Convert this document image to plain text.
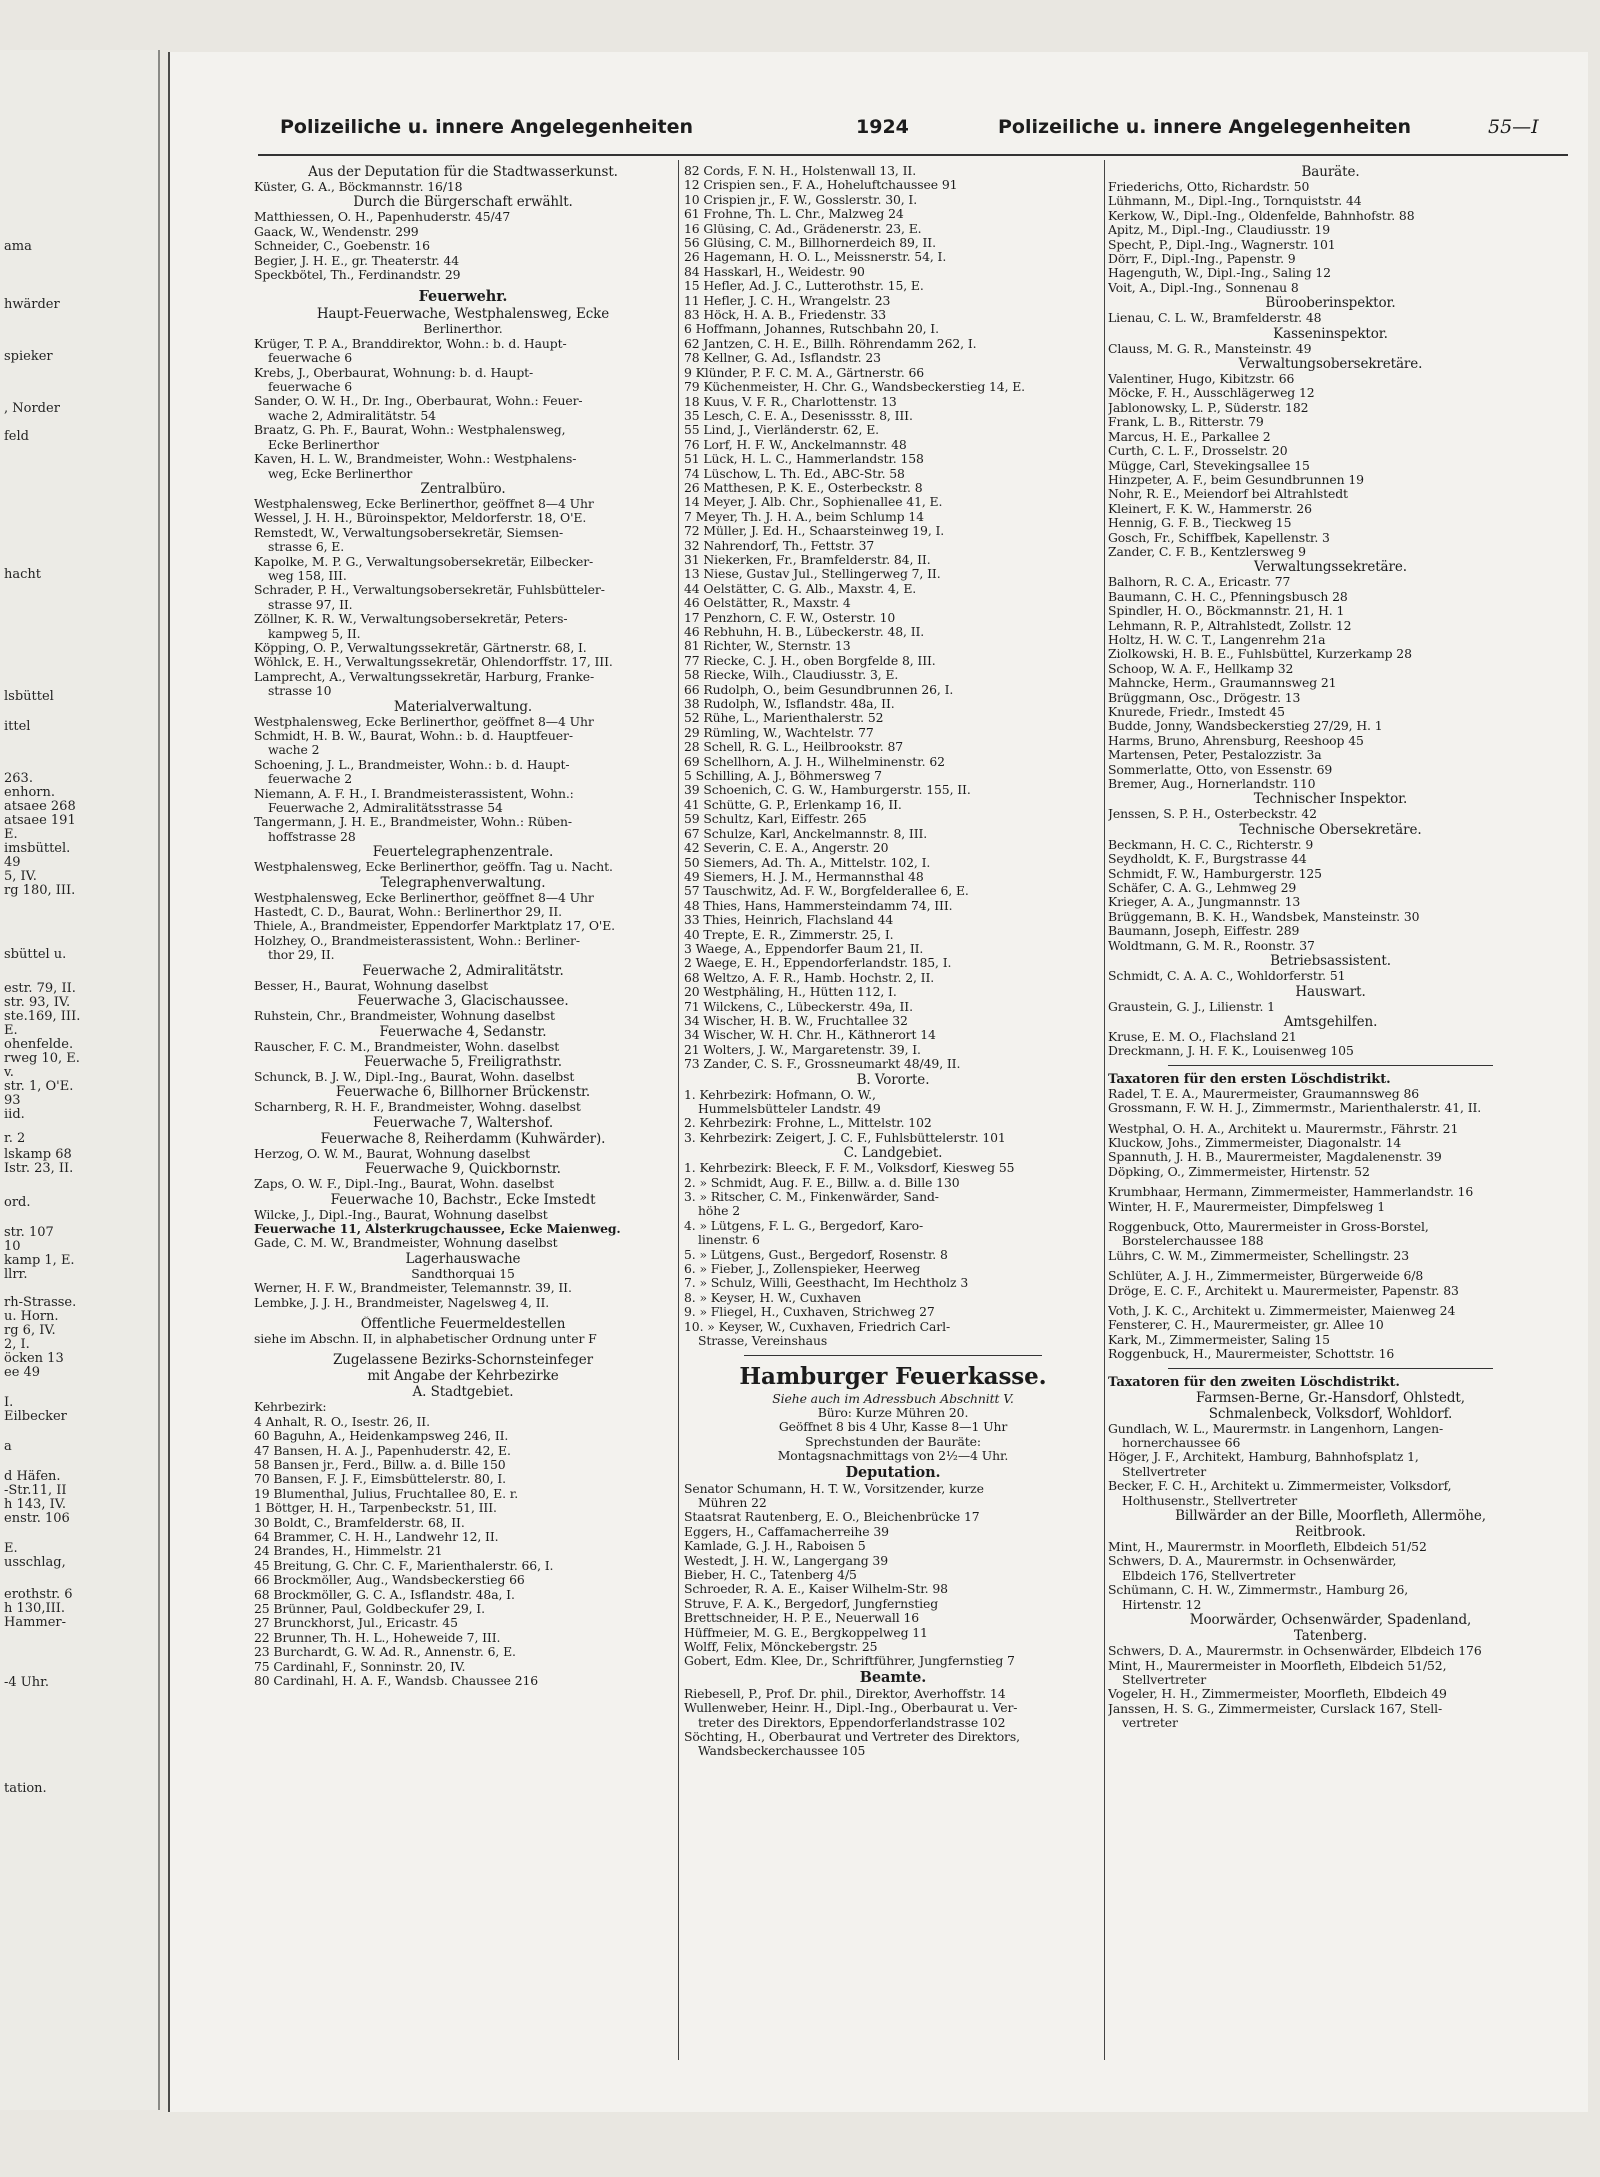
ama
hwärder
spieker
, Norder
feld
hacht
lsbüttel
ittel
263.
enhorn.
atsaee 268
atsaee 191
E.
imsbüttel.
49
5, IV.
rg 180, III.
sbüttel u.
estr. 79, II.
str. 93, IV.
ste.169, III.
E.
ohenfelde.
rweg 10, E.
v.
str. 1, O'E.
93
iid.
r. 2
lskamp 68
Istr. 23, II.
ord.
str. 107
10
kamp 1, E.
llrr.
rh-Strasse.
u. Horn.
rg 6, IV.
2, I.
öcken 13
ee 49
I.
Eilbecker
a
d Häfen.
-Str.11, II
h 143, IV.
enstr. 106
E.
usschlag,
erothstr. 6
h 130,III.
Hammer-
-4 Uhr.
tation.
Polizeiliche u. innere Angelegenheiten	1924	Polizeiliche u. innere Angelegenheiten	55—I
Aus der Deputation für die Stadtwasserkunst.
Küster, G. A., Böckmannstr. 16/18
Durch die Bürgerschaft erwählt.
Matthiessen, O. H., Papenhuderstr. 45/47
Gaack, W., Wendenstr. 299
Schneider, C., Goebenstr. 16
Begier, J. H. E., gr. Theaterstr. 44
Speckbötel, Th., Ferdinandstr. 29
Feuerwehr.
Haupt-Feuerwache, Westphalensweg, Ecke
Berlinerthor.
Krüger, T. P. A., Branddirektor, Wohn.: b. d. Haupt-
feuerwache 6
Krebs, J., Oberbaurat, Wohnung: b. d. Haupt-
feuerwache 6
Sander, O. W. H., Dr. Ing., Oberbaurat, Wohn.: Feuer-
wache 2, Admiralitätstr. 54
Braatz, G. Ph. F., Baurat, Wohn.: Westphalensweg,
Ecke Berlinerthor
Kaven, H. L. W., Brandmeister, Wohn.: Westphalens-
weg, Ecke Berlinerthor
Zentralbüro.
Westphalensweg, Ecke Berlinerthor, geöffnet 8—4 Uhr
Wessel, J. H. H., Büroinspektor, Meldorferstr. 18, O'E.
Remstedt, W., Verwaltungsobersekretär, Siemsen-
strasse 6, E.
Kapolke, M. P. G., Verwaltungsobersekretär, Eilbecker-
weg 158, III.
Schrader, P. H., Verwaltungsobersekretär, Fuhlsbütteler-
strasse 97, II.
Zöllner, K. R. W., Verwaltungsobersekretär, Peters-
kampweg 5, II.
Köpping, O. P., Verwaltungssekretär, Gärtnerstr. 68, I.
Wöhlck, E. H., Verwaltungssekretär, Ohlendorffstr. 17, III.
Lamprecht, A., Verwaltungssekretär, Harburg, Franke-
strasse 10
Materialverwaltung.
Westphalensweg, Ecke Berlinerthor, geöffnet 8—4 Uhr
Schmidt, H. B. W., Baurat, Wohn.: b. d. Hauptfeuer-
wache 2
Schoening, J. L., Brandmeister, Wohn.: b. d. Haupt-
feuerwache 2
Niemann, A. F. H., I. Brandmeisterassistent, Wohn.:
Feuerwache 2, Admiralitätsstrasse 54
Tangermann, J. H. E., Brandmeister, Wohn.: Rüben-
hoffstrasse 28
Feuertelegraphenzentrale.
Westphalensweg, Ecke Berlinerthor, geöffn. Tag u. Nacht.
Telegraphenverwaltung.
Westphalensweg, Ecke Berlinerthor, geöffnet 8—4 Uhr
Hastedt, C. D., Baurat, Wohn.: Berlinerthor 29, II.
Thiele, A., Brandmeister, Eppendorfer Marktplatz 17, O'E.
Holzhey, O., Brandmeisterassistent, Wohn.: Berliner-
thor 29, II.
Feuerwache 2, Admiralitätstr.
Besser, H., Baurat, Wohnung daselbst
Feuerwache 3, Glacischaussee.
Ruhstein, Chr., Brandmeister, Wohnung daselbst
Feuerwache 4, Sedanstr.
Rauscher, F. C. M., Brandmeister, Wohn. daselbst
Feuerwache 5, Freiligrathstr.
Schunck, B. J. W., Dipl.-Ing., Baurat, Wohn. daselbst
Feuerwache 6, Billhorner Brückenstr.
Scharnberg, R. H. F., Brandmeister, Wohng. daselbst
Feuerwache 7, Waltershof.
Feuerwache 8, Reiherdamm (Kuhwärder).
Herzog, O. W. M., Baurat, Wohnung daselbst
Feuerwache 9, Quickbornstr.
Zaps, O. W. F., Dipl.-Ing., Baurat, Wohn. daselbst
Feuerwache 10, Bachstr., Ecke Imstedt
Wilcke, J., Dipl.-Ing., Baurat, Wohnung daselbst
Feuerwache 11, Alsterkrugchaussee, Ecke Maienweg.
Gade, C. M. W., Brandmeister, Wohnung daselbst
Lagerhauswache
Sandthorquai 15
Werner, H. F. W., Brandmeister, Telemannstr. 39, II.
Lembke, J. J. H., Brandmeister, Nagelsweg 4, II.
Öffentliche Feuermeldestellen
siehe im Abschn. II, in alphabetischer Ordnung unter F
Zugelassene Bezirks-Schornsteinfeger
mit Angabe der Kehrbezirke
A. Stadtgebiet.
Kehrbezirk:
4 Anhalt, R. O., Isestr. 26, II.
60 Baguhn, A., Heidenkampsweg 246, II.
47 Bansen, H. A. J., Papenhuderstr. 42, E.
58 Bansen jr., Ferd., Billw. a. d. Bille 150
70 Bansen, F. J. F., Eimsbüttelerstr. 80, I.
19 Blumenthal, Julius, Fruchtallee 80, E. r.
1 Böttger, H. H., Tarpenbeckstr. 51, III.
30 Boldt, C., Bramfelderstr. 68, II.
64 Brammer, C. H. H., Landwehr 12, II.
24 Brandes, H., Himmelstr. 21
45 Breitung, G. Chr. C. F., Marienthalerstr. 66, I.
66 Brockmöller, Aug., Wandsbeckerstieg 66
68 Brockmöller, G. C. A., Isflandstr. 48a, I.
25 Brünner, Paul, Goldbeckufer 29, I.
27 Brunckhorst, Jul., Ericastr. 45
22 Brunner, Th. H. L., Hoheweide 7, III.
23 Burchardt, G. W. Ad. R., Annenstr. 6, E.
75 Cardinahl, F., Sonninstr. 20, IV.
80 Cardinahl, H. A. F., Wandsb. Chaussee 216
82 Cords, F. N. H., Holstenwall 13, II.
12 Crispien sen., F. A., Hoheluftchaussee 91
10 Crispien jr., F. W., Gosslerstr. 30, I.
61 Frohne, Th. L. Chr., Malzweg 24
16 Glüsing, C. Ad., Grädenerstr. 23, E.
56 Glüsing, C. M., Billhornerdeich 89, II.
26 Hagemann, H. O. L., Meissnerstr. 54, I.
84 Hasskarl, H., Weidestr. 90
15 Hefler, Ad. J. C., Lutterothstr. 15, E.
11 Hefler, J. C. H., Wrangelstr. 23
83 Höck, H. A. B., Friedenstr. 33
6 Hoffmann, Johannes, Rutschbahn 20, I.
62 Jantzen, C. H. E., Billh. Röhrendamm 262, I.
78 Kellner, G. Ad., Isflandstr. 23
9 Klünder, P. F. C. M. A., Gärtnerstr. 66
79 Küchenmeister, H. Chr. G., Wandsbeckerstieg 14, E.
18 Kuus, V. F. R., Charlottenstr. 13
35 Lesch, C. E. A., Desenissstr. 8, III.
55 Lind, J., Vierländerstr. 62, E.
76 Lorf, H. F. W., Anckelmannstr. 48
51 Lück, H. L. C., Hammerlandstr. 158
74 Lüschow, L. Th. Ed., ABC-Str. 58
26 Matthesen, P. K. E., Osterbeckstr. 8
14 Meyer, J. Alb. Chr., Sophienallee 41, E.
7 Meyer, Th. J. H. A., beim Schlump 14
72 Müller, J. Ed. H., Schaarsteinweg 19, I.
32 Nahrendorf, Th., Fettstr. 37
31 Niekerken, Fr., Bramfelderstr. 84, II.
13 Niese, Gustav Jul., Stellingerweg 7, II.
44 Oelstätter, C. G. Alb., Maxstr. 4, E.
46 Oelstätter, R., Maxstr. 4
17 Penzhorn, C. F. W., Osterstr. 10
46 Rebhuhn, H. B., Lübeckerstr. 48, II.
81 Richter, W., Sternstr. 13
77 Riecke, C. J. H., oben Borgfelde 8, III.
58 Riecke, Wilh., Claudiusstr. 3, E.
66 Rudolph, O., beim Gesundbrunnen 26, I.
38 Rudolph, W., Isflandstr. 48a, II.
52 Rühe, L., Marienthalerstr. 52
29 Rümling, W., Wachtelstr. 77
28 Schell, R. G. L., Heilbrookstr. 87
69 Schellhorn, A. J. H., Wilhelminenstr. 62
5 Schilling, A. J., Böhmersweg 7
39 Schoenich, C. G. W., Hamburgerstr. 155, II.
41 Schütte, G. P., Erlenkamp 16, II.
59 Schultz, Karl, Eiffestr. 265
67 Schulze, Karl, Anckelmannstr. 8, III.
42 Severin, C. E. A., Angerstr. 20
50 Siemers, Ad. Th. A., Mittelstr. 102, I.
49 Siemers, H. J. M., Hermannsthal 48
57 Tauschwitz, Ad. F. W., Borgfelderallee 6, E.
48 Thies, Hans, Hammersteindamm 74, III.
33 Thies, Heinrich, Flachsland 44
40 Trepte, E. R., Zimmerstr. 25, I.
3 Waege, A., Eppendorfer Baum 21, II.
2 Waege, E. H., Eppendorferlandstr. 185, I.
68 Weltzo, A. F. R., Hamb. Hochstr. 2, II.
20 Westphäling, H., Hütten 112, I.
71 Wilckens, C., Lübeckerstr. 49a, II.
34 Wischer, H. B. W., Fruchtallee 32
34 Wischer, W. H. Chr. H., Käthnerort 14
21 Wolters, J. W., Margaretenstr. 39, I.
73 Zander, C. S. F., Grossneumarkt 48/49, II.
B. Vororte.
1. Kehrbezirk: Hofmann, O. W.,
Hummelsbütteler Landstr. 49
2. Kehrbezirk: Frohne, L., Mittelstr. 102
3. Kehrbezirk: Zeigert, J. C. F., Fuhlsbüttelerstr. 101
C. Landgebiet.
1. Kehrbezirk: Bleeck, F. F. M., Volksdorf, Kiesweg 55
2. » Schmidt, Aug. F. E., Billw. a. d. Bille 130
3. » Ritscher, C. M., Finkenwärder, Sand-
höhe 2
4. » Lütgens, F. L. G., Bergedorf, Karo-
linenstr. 6
5. » Lütgens, Gust., Bergedorf, Rosenstr. 8
6. » Fieber, J., Zollenspieker, Heerweg
7. » Schulz, Willi, Geesthacht, Im Hechtholz 3
8. » Keyser, H. W., Cuxhaven
9. » Fliegel, H., Cuxhaven, Strichweg 27
10. » Keyser, W., Cuxhaven, Friedrich Carl-
Strasse, Vereinshaus
Hamburger Feuerkasse.
Siehe auch im Adressbuch Abschnitt V.
Büro: Kurze Mühren 20.
Geöffnet 8 bis 4 Uhr, Kasse 8—1 Uhr
Sprechstunden der Bauräte:
Montagsnachmittags von 2½—4 Uhr.
Deputation.
Senator Schumann, H. T. W., Vorsitzender, kurze
Mühren 22
Staatsrat Rautenberg, E. O., Bleichenbrücke 17
Eggers, H., Caffamacherreihe 39
Kamlade, G. J. H., Raboisen 5
Westedt, J. H. W., Langergang 39
Bieber, H. C., Tatenberg 4/5
Schroeder, R. A. E., Kaiser Wilhelm-Str. 98
Struve, F. A. K., Bergedorf, Jungfernstieg
Brettschneider, H. P. E., Neuerwall 16
Hüffmeier, M. G. E., Bergkoppelweg 11
Wolff, Felix, Mönckebergstr. 25
Gobert, Edm. Klee, Dr., Schriftführer, Jungfernstieg 7
Beamte.
Riebesell, P., Prof. Dr. phil., Direktor, Averhoffstr. 14
Wullenweber, Heinr. H., Dipl.-Ing., Oberbaurat u. Ver-
treter des Direktors, Eppendorferlandstrasse 102
Söchting, H., Oberbaurat und Vertreter des Direktors,
Wandsbeckerchaussee 105
Bauräte.
Friederichs, Otto, Richardstr. 50
Lühmann, M., Dipl.-Ing., Tornquiststr. 44
Kerkow, W., Dipl.-Ing., Oldenfelde, Bahnhofstr. 88
Apitz, M., Dipl.-Ing., Claudiusstr. 19
Specht, P., Dipl.-Ing., Wagnerstr. 101
Dörr, F., Dipl.-Ing., Papenstr. 9
Hagenguth, W., Dipl.-Ing., Saling 12
Voit, A., Dipl.-Ing., Sonnenau 8
Bürooberinspektor.
Lienau, C. L. W., Bramfelderstr. 48
Kasseninspektor.
Clauss, M. G. R., Mansteinstr. 49
Verwaltungsobersekretäre.
Valentiner, Hugo, Kibitzstr. 66
Möcke, F. H., Ausschlägerweg 12
Jablonowsky, L. P., Süderstr. 182
Frank, L. B., Ritterstr. 79
Marcus, H. E., Parkallee 2
Curth, C. L. F., Drosselstr. 20
Mügge, Carl, Stevekingsallee 15
Hinzpeter, A. F., beim Gesundbrunnen 19
Nohr, R. E., Meiendorf bei Altrahlstedt
Kleinert, F. K. W., Hammerstr. 26
Hennig, G. F. B., Tieckweg 15
Gosch, Fr., Schiffbek, Kapellenstr. 3
Zander, C. F. B., Kentzlersweg 9
Verwaltungssekretäre.
Balhorn, R. C. A., Ericastr. 77
Baumann, C. H. C., Pfenningsbusch 28
Spindler, H. O., Böckmannstr. 21, H. 1
Lehmann, R. P., Altrahlstedt, Zollstr. 12
Holtz, H. W. C. T., Langenrehm 21a
Ziolkowski, H. B. E., Fuhlsbüttel, Kurzerkamp 28
Schoop, W. A. F., Hellkamp 32
Mahncke, Herm., Graumannsweg 21
Brüggmann, Osc., Drögestr. 13
Knurede, Friedr., Imstedt 45
Budde, Jonny, Wandsbeckerstieg 27/29, H. 1
Harms, Bruno, Ahrensburg, Reeshoop 45
Martensen, Peter, Pestalozzistr. 3a
Sommerlatte, Otto, von Essenstr. 69
Bremer, Aug., Hornerlandstr. 110
Technischer Inspektor.
Jenssen, S. P. H., Osterbeckstr. 42
Technische Obersekretäre.
Beckmann, H. C. C., Richterstr. 9
Seydholdt, K. F., Burgstrasse 44
Schmidt, F. W., Hamburgerstr. 125
Schäfer, C. A. G., Lehmweg 29
Krieger, A. A., Jungmannstr. 13
Brüggemann, B. K. H., Wandsbek, Mansteinstr. 30
Baumann, Joseph, Eiffestr. 289
Woldtmann, G. M. R., Roonstr. 37
Betriebsassistent.
Schmidt, C. A. A. C., Wohldorferstr. 51
Hauswart.
Graustein, G. J., Lilienstr. 1
Amtsgehilfen.
Kruse, E. M. O., Flachsland 21
Dreckmann, J. H. F. K., Louisenweg 105
Taxatoren für den ersten Löschdistrikt.
Radel, T. E. A., Maurermeister, Graumannsweg 86
Grossmann, F. W. H. J., Zimmermstr., Marienthalerstr. 41, II.
Westphal, O. H. A., Architekt u. Maurermstr., Fährstr. 21
Kluckow, Johs., Zimmermeister, Diagonalstr. 14
Spannuth, J. H. B., Maurermeister, Magdalenenstr. 39
Döpking, O., Zimmermeister, Hirtenstr. 52
Krumbhaar, Hermann, Zimmermeister, Hammerlandstr. 16
Winter, H. F., Maurermeister, Dimpfelsweg 1
Roggenbuck, Otto, Maurermeister in Gross-Borstel,
Borstelerchaussee 188
Lührs, C. W. M., Zimmermeister, Schellingstr. 23
Schlüter, A. J. H., Zimmermeister, Bürgerweide 6/8
Dröge, E. C. F., Architekt u. Maurermeister, Papenstr. 83
Voth, J. K. C., Architekt u. Zimmermeister, Maienweg 24
Fensterer, C. H., Maurermeister, gr. Allee 10
Kark, M., Zimmermeister, Saling 15
Roggenbuck, H., Maurermeister, Schottstr. 16
Taxatoren für den zweiten Löschdistrikt.
Farmsen-Berne, Gr.-Hansdorf, Ohlstedt,
Schmalenbeck, Volksdorf, Wohldorf.
Gundlach, W. L., Maurermstr. in Langenhorn, Langen-
hornerchaussee 66
Höger, J. F., Architekt, Hamburg, Bahnhofsplatz 1,
Stellvertreter
Becker, F. C. H., Architekt u. Zimmermeister, Volksdorf,
Holthusenstr., Stellvertreter
Billwärder an der Bille, Moorfleth, Allermöhe,
Reitbrook.
Mint, H., Maurermstr. in Moorfleth, Elbdeich 51/52
Schwers, D. A., Maurermstr. in Ochsenwärder,
Elbdeich 176, Stellvertreter
Schümann, C. H. W., Zimmermstr., Hamburg 26,
Hirtenstr. 12
Moorwärder, Ochsenwärder, Spadenland,
Tatenberg.
Schwers, D. A., Maurermstr. in Ochsenwärder, Elbdeich 176
Mint, H., Maurermeister in Moorfleth, Elbdeich 51/52,
Stellvertreter
Vogeler, H. H., Zimmermeister, Moorfleth, Elbdeich 49
Janssen, H. S. G., Zimmermeister, Curslack 167, Stell-
vertreter
